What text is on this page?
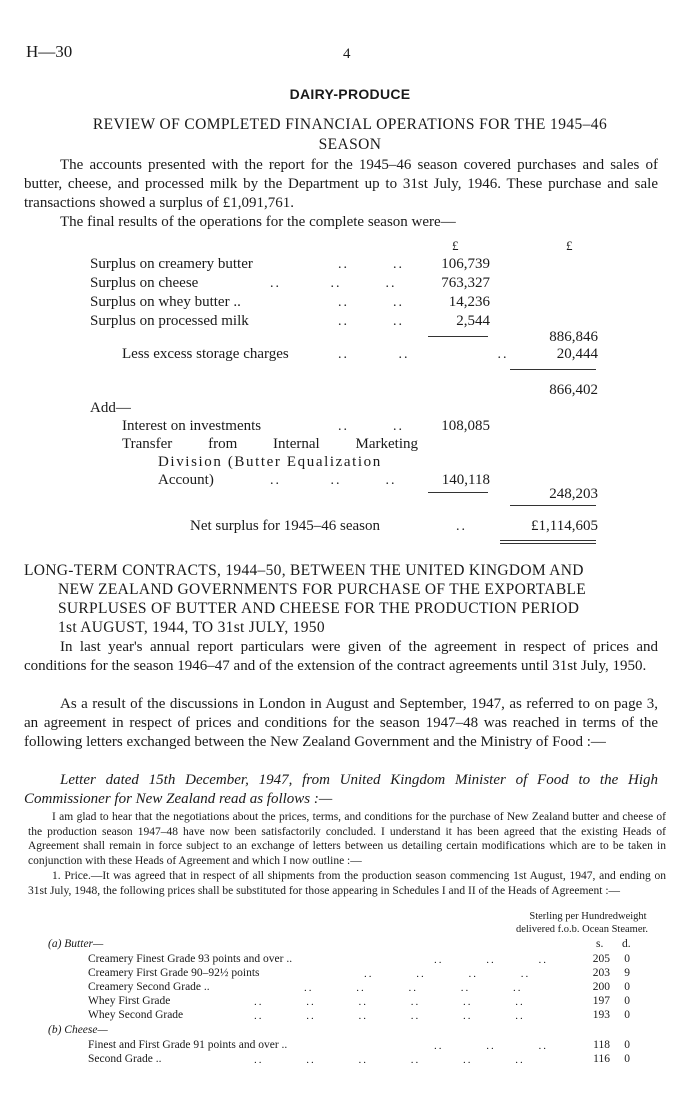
H—30	4
DAIRY-PRODUCE
REVIEW OF COMPLETED FINANCIAL OPERATIONS FOR THE 1945–46
SEASON
The accounts presented with the report for the 1945–46 season covered purchases and sales of butter, cheese, and processed milk by the Department up to 31st July, 1946. These purchase and sale transactions showed a surplus of £1,091,761.
The final results of the operations for the complete season were—
£	£
Surplus on creamery butter	..        .. 106,739
Surplus on cheese	..         ..        ..	763,327
Surplus on whey butter ..	..        ..	14,236
Surplus on processed milk	..        ..	2,544
886,846
Less excess storage charges	..         ..                ..	20,444
866,402
Add—
Interest on investments	..        .. 108,085
Transfer from Internal Marketing
Division (Butter Equalization
Account)	..         ..        ..	140,118
248,203
Net surplus for 1945–46 season	..	£1,114,605
LONG-TERM CONTRACTS, 1944–50, BETWEEN THE UNITED KINGDOM AND
NEW ZEALAND GOVERNMENTS FOR PURCHASE OF THE EXPORTABLE
SURPLUSES OF BUTTER AND CHEESE FOR THE PRODUCTION PERIOD
1st AUGUST, 1944, TO 31st JULY, 1950
In last year's annual report particulars were given of the agreement in respect of prices and conditions for the season 1946–47 and of the extension of the contract agreements until 31st July, 1950.
As a result of the discussions in London in August and September, 1947, as referred to on page 3, an agreement in respect of prices and conditions for the season 1947–48 was reached in terms of the following letters exchanged between the New Zealand Government and the Ministry of Food :—
Letter dated 15th December, 1947, from United Kingdom Minister of Food to the High Commissioner for New Zealand read as follows :—
I am glad to hear that the negotiations about the prices, terms, and conditions for the purchase of New Zealand butter and cheese of the production season 1947–48 have now been satisfactorily concluded. I understand it has been agreed that the existing Heads of Agreement shall remain in force subject to an exchange of letters between us detailing certain modifications which are to be taken in conjunction with these Heads of Agreement and which I now outline :—
1. Price.—It was agreed that in respect of all shipments from the production season commencing 1st August, 1947, and ending on 31st July, 1948, the following prices shall be substituted for those appearing in Schedules I and II of the Heads of Agreement :—
Sterling per Hundredweight
delivered f.o.b. Ocean Steamer.
s. d.
(a) Butter—
Creamery Finest Grade 93 points and over ..	..         ..         ..	205 0
Creamery First Grade 90–92½ points	..         ..         ..         ..	203 9
Creamery Second Grade ..	..         ..         ..         ..         ..	200 0
Whey First Grade	..         ..         ..         ..         ..         ..	197 0
Whey Second Grade	..         ..         ..         ..         ..         ..	193 0
(b) Cheese—
Finest and First Grade 91 points and over ..	..         ..         ..	118 0
Second Grade ..	..         ..         ..         ..         ..         ..	116 0
